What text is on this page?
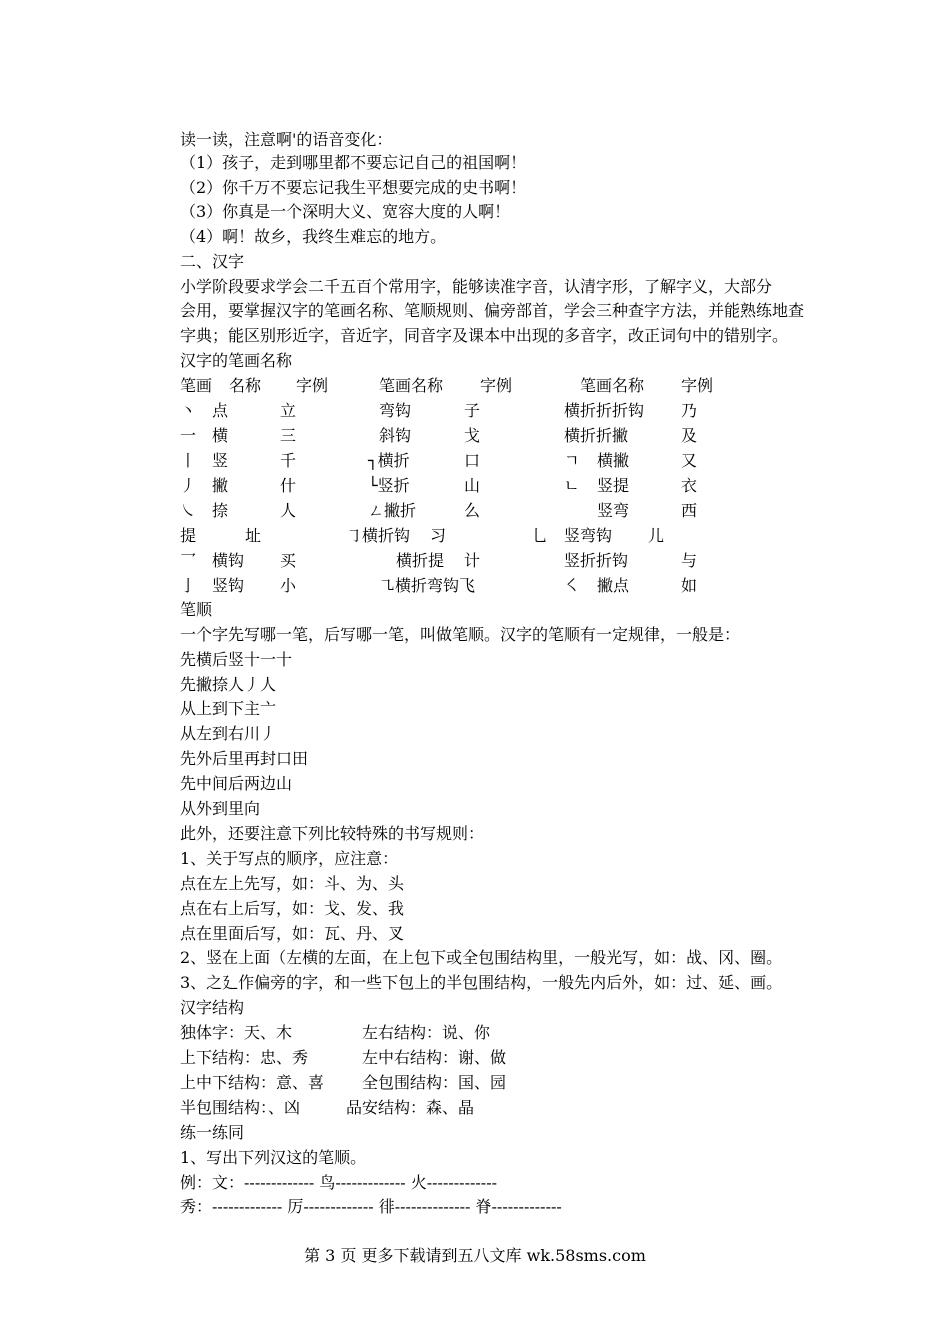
读一读，注意啊'的语音变化：
（1）孩子，走到哪里都不要忘记自己的祖国啊！
（2）你千万不要忘记我生平想要完成的史书啊！
（3）你真是一个深明大义、宽容大度的人啊！
（4）啊！故乡，我终生难忘的地方。
二、汉字
小学阶段要求学会二千五百个常用字，能够读准字音，认清字形，了解字义，大部分
会用，要掌握汉字的笔画名称、笔顺规则、偏旁部首，学会三种查字方法，并能熟练地查
字典；能区别形近字，音近字，同音字及课本中出现的多音字，改正词句中的错别字。
汉字的笔画名称
笔画 名称 字例	笔画名称 字例	笔画名称 字例
丶 点	立	弯钩	子	横折折折钩 乃
一 横	三	斜钩	戈	横折折撇	及
丨 竖	千	┐横折	口	ㄱ 横撇	又
丿 撇	什	└竖折	山	ㄴ 竖提	衣
㇏ 捺	人	ㄥ撇折	么	竖弯	西
提	址	㇆横折钩 习	乚 竖弯钩 儿
乛 横钩 买	横折提 计	竖折折钩	与
亅 竖钩 小	㇈横折弯钩飞	㇛ 撇点	如
笔顺
一个字先写哪一笔，后写哪一笔，叫做笔顺。汉字的笔顺有一定规律，一般是：
先横后竖十一十
先撇捺人丿人
从上到下主亠
从左到右川丿
先外后里再封口田
先中间后两边山
从外到里向
此外，还要注意下列比较特殊的书写规则：
1、关于写点的顺序，应注意：
点在左上先写，如：斗、为、头
点在右上后写，如：戈、发、我
点在里面后写，如：瓦、丹、叉
2、竖在上面（左横的左面，在上包下或全包围结构里，一般光写，如：战、冈、圈。
3、之廴作偏旁的字，和一些下包上的半包围结构，一般先内后外，如：过、延、画。
汉字结构
独体字：天、木	左右结构：说、你
上下结构：忠、秀	左中右结构：谢、做
上中下结构：意、喜 全包围结构：国、园
半包围结构：、凶	品安结构：森、晶
练一练同
1、写出下列汉这的笔顺。
例：文：------------- 鸟------------- 火-------------
秀：------------- 厉------------- 徘-------------- 脊-------------
第 3 页 更多下载请到五八文库 wk.58sms.com
